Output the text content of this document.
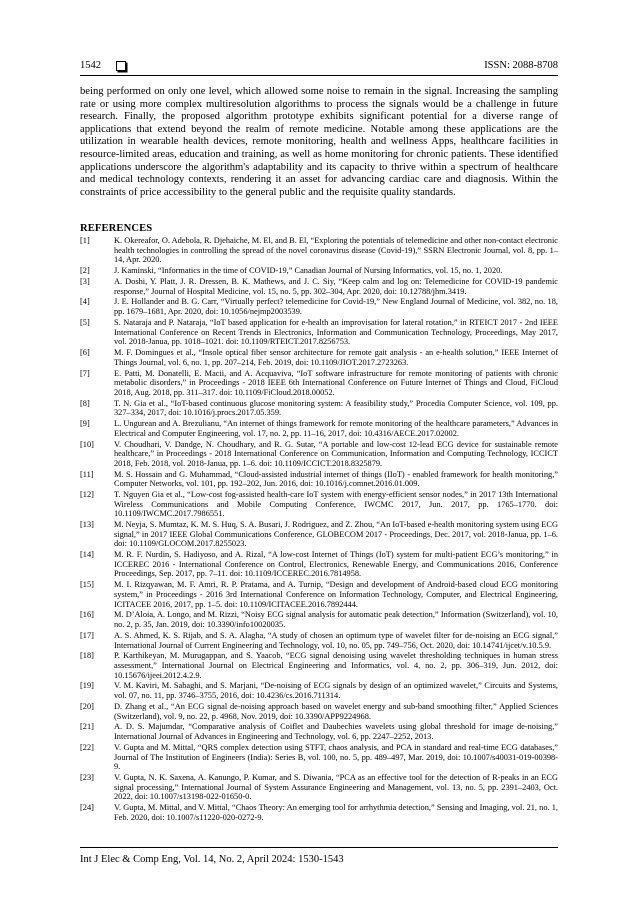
1542	ISSN: 2088-8708

being performed on only one level, which allowed some noise to remain in the signal. Increasing the sampling rate or using more complex multiresolution algorithms to process the signals would be a challenge in future research. Finally, the proposed algorithm prototype exhibits significant potential for a diverse range of applications that extend beyond the realm of remote medicine. Notable among these applications are the utilization in wearable health devices, remote monitoring, health and wellness Apps, healthcare facilities in resource-limited areas, education and training, as well as home monitoring for chronic patients. These identified applications underscore the algorithm's adaptability and its capacity to thrive within a spectrum of healthcare and medical technology contexts, rendering it an asset for advancing cardiac care and diagnosis. Within the constraints of price accessibility to the general public and the requisite quality standards.

REFERENCES
[1]	K. Okereafor, O. Adebola, R. Djehaiche, M. El, and B. El, “Exploring the potentials of telemedicine and other non-contact electronic health technologies in controlling the spread of the novel coronavirus disease (Covid-19),” SSRN Electronic Journal, vol. 8, pp. 1–14, Apr. 2020.
[2]	J. Kaminski, “Informatics in the time of COVID-19,” Canadian Journal of Nursing Informatics, vol. 15, no. 1, 2020.
[3]	A. Doshi, Y. Platt, J. R. Dressen, B. K. Mathews, and J. C. Siy, “Keep calm and log on: Telemedicine for COVID-19 pandemic response,” Journal of Hospital Medicine, vol. 15, no. 5, pp. 302–304, Apr. 2020, doi: 10.12788/jhm.3419.
[4]	J. E. Hollander and B. G. Carr, “Virtually perfect? telemedicine for Covid-19,” New England Journal of Medicine, vol. 382, no. 18, pp. 1679–1681, Apr. 2020, doi: 10.1056/nejmp2003539.
[5]	S. Nataraja and P. Nataraja, “IoT based application for e-health an improvisation for lateral rotation,” in RTEICT 2017 - 2nd IEEE International Conference on Recent Trends in Electronics, Information and Communication Technology, Proceedings, May 2017, vol. 2018-Janua, pp. 1018–1021. doi: 10.1109/RTEICT.2017.8256753.
[6]	M. F. Domingues et al., “Insole optical fiber sensor architecture for remote gait analysis - an e-health solution,” IEEE Internet of Things Journal, vol. 6, no. 1, pp. 207–214, Feb. 2019, doi: 10.1109/JIOT.2017.2723263.
[7]	E. Patti, M. Donatelli, E. Macii, and A. Acquaviva, “IoT software infrastructure for remote monitoring of patients with chronic metabolic disorders,” in Proceedings - 2018 IEEE 6th International Conference on Future Internet of Things and Cloud, FiCloud 2018, Aug. 2018, pp. 311–317. doi: 10.1109/FiCloud.2018.00052.
[8]	T. N. Gia et al., “IoT-based continuous glucose monitoring system: A feasibility study,” Procedia Computer Science, vol. 109, pp. 327–334, 2017, doi: 10.1016/j.procs.2017.05.359.
[9]	L. Ungurean and A. Brezulianu, “An internet of things framework for remote monitoring of the healthcare parameters,” Advances in Electrical and Computer Engineering, vol. 17, no. 2, pp. 11–16, 2017, doi: 10.4316/AECE.2017.02002.
[10] V. Choudhari, V. Dandge, N. Choudhary, and R. G. Sutar, “A portable and low-cost 12-lead ECG device for sustainable remote healthcare,” in Proceedings - 2018 International Conference on Communication, Information and Computing Technology, ICCICT 2018, Feb. 2018, vol. 2018-Janua, pp. 1–6. doi: 10.1109/ICCICT.2018.8325879.
[11] M. S. Hossain and G. Muhammad, “Cloud-assisted industrial internet of things (IIoT) - enabled framework for health monitoring,” Computer Networks, vol. 101, pp. 192–202, Jun. 2016, doi: 10.1016/j.comnet.2016.01.009.
[12] T. Nguyen Gia et al., “Low-cost fog-assisted health-care IoT system with energy-efficient sensor nodes,” in 2017 13th International Wireless Communications and Mobile Computing Conference, IWCMC 2017, Jun. 2017, pp. 1765–1770. doi: 10.1109/IWCMC.2017.7986551.
[13] M. Neyja, S. Mumtaz, K. M. S. Huq, S. A. Busari, J. Rodriguez, and Z. Zhou, “An IoT-based e-health monitoring system using ECG signal,” in 2017 IEEE Global Communications Conference, GLOBECOM 2017 - Proceedings, Dec. 2017, vol. 2018-Janua, pp. 1–6. doi: 10.1109/GLOCOM.2017.8255023.
[14] M. R. F. Nurdin, S. Hadiyoso, and A. Rizal, “A low-cost Internet of Things (IoT) system for multi-patient ECG’s monitoring,” in ICCEREC 2016 - International Conference on Control, Electronics, Renewable Energy, and Communications 2016, Conference Proceedings, Sep. 2017, pp. 7–11. doi: 10.1109/ICCEREC.2016.7814958.
[15] M. I. Rizqyawan, M. F. Amri, R. P. Pratama, and A. Turnip, “Design and development of Android-based cloud ECG monitoring system,” in Proceedings - 2016 3rd International Conference on Information Technology, Computer, and Electrical Engineering, ICITACEE 2016, 2017, pp. 1–5. doi: 10.1109/ICITACEE.2016.7892444.
[16] M. D’Aloia, A. Longo, and M. Rizzi, “Noisy ECG signal analysis for automatic peak detection,” Information (Switzerland), vol. 10, no. 2, p. 35, Jan. 2019, doi: 10.3390/info10020035.
[17] A. S. Ahmed, K. S. Rijab, and S. A. Alagha, “A study of chosen an optimum type of wavelet filter for de-noising an ECG signal,” International Journal of Current Engineering and Technology, vol. 10, no. 05, pp. 749–756, Oct. 2020, doi: 10.14741/ijcet/v.10.5.9.
[18] P. Karthikeyan, M. Murugappan, and S. Yaacob, “ECG signal denoising using wavelet thresholding techniques in human stress assessment,” International Journal on Electrical Engineering and Informatics, vol. 4, no. 2, pp. 306–319, Jun. 2012, doi: 10.15676/ijeei.2012.4.2.9.
[19] V. M. Kaviri, M. Sabaghi, and S. Marjani, “De-noising of ECG signals by design of an optimized wavelet,” Circuits and Systems, vol. 07, no. 11, pp. 3746–3755, 2016, doi: 10.4236/cs.2016.711314.
[20] D. Zhang et al., “An ECG signal de-noising approach based on wavelet energy and sub-band smoothing filter,” Applied Sciences (Switzerland), vol. 9, no. 22, p. 4968, Nov. 2019, doi: 10.3390/APP9224968.
[21] A. D. S. Majumdar, “Comparative analysis of Coiflet and Daubechies wavelets using global threshold for image de-noising,” International Journal of Advances in Engineering and Technology, vol. 6, pp. 2247–2252, 2013.
[22] V. Gupta and M. Mittal, “QRS complex detection using STFT, chaos analysis, and PCA in standard and real-time ECG databases,” Journal of The Institution of Engineers (India): Series B, vol. 100, no. 5, pp. 489–497, Mar. 2019, doi: 10.1007/s40031-019-00398-9.
[23] V. Gupta, N. K. Saxena, A. Kanungo, P. Kumar, and S. Diwania, “PCA as an effective tool for the detection of R-peaks in an ECG signal processing,” International Journal of System Assurance Engineering and Management, vol. 13, no. 5, pp. 2391–2403, Oct. 2022, doi: 10.1007/s13198-022-01650-0.
[24] V. Gupta, M. Mittal, and V. Mittal, “Chaos Theory: An emerging tool for arrhythmia detection,” Sensing and Imaging, vol. 21, no. 1, Feb. 2020, doi: 10.1007/s11220-020-0272-9.
Int J Elec & Comp Eng, Vol. 14, No. 2, April 2024: 1530-1543
